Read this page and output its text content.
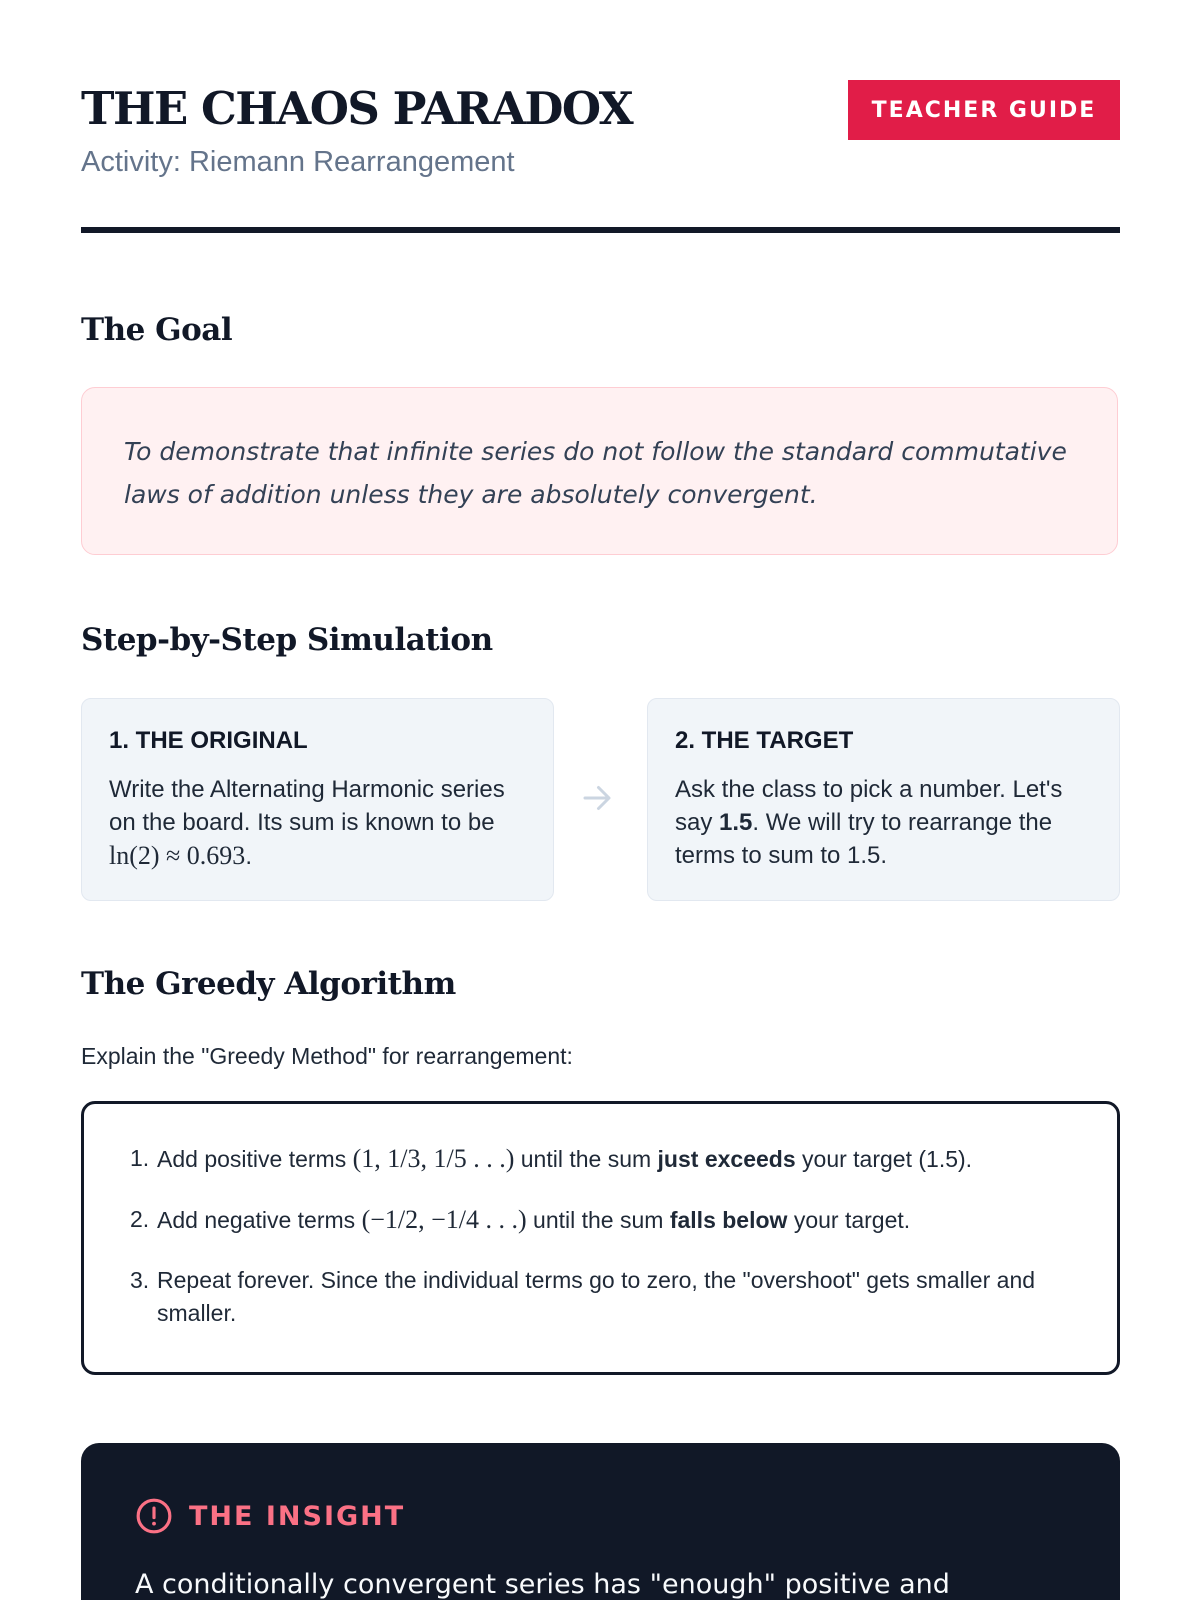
THE CHAOS PARADOX
Activity: Riemann Rearrangement
TEACHER GUIDE
The Goal
To demonstrate that infinite series do not follow the standard commutative laws of addition unless they are absolutely convergent.
Step-by-Step Simulation
1. THE ORIGINAL
Write the Alternating Harmonic series on the board. Its sum is known to be ln(2) ≈ 0.693.
2. THE TARGET
Ask the class to pick a number. Let's say 1.5. We will try to rearrange the terms to sum to 1.5.
The Greedy Algorithm
Explain the "Greedy Method" for rearrangement:
1. Add positive terms (1, 1/3, 1/5 . . .) until the sum just exceeds your target (1.5).
2. Add negative terms (−1/2, −1/4 . . .) until the sum falls below your target.
3. Repeat forever. Since the individual terms go to zero, the "overshoot" gets smaller and smaller.
THE INSIGHT
A conditionally convergent series has "enough" positive and
